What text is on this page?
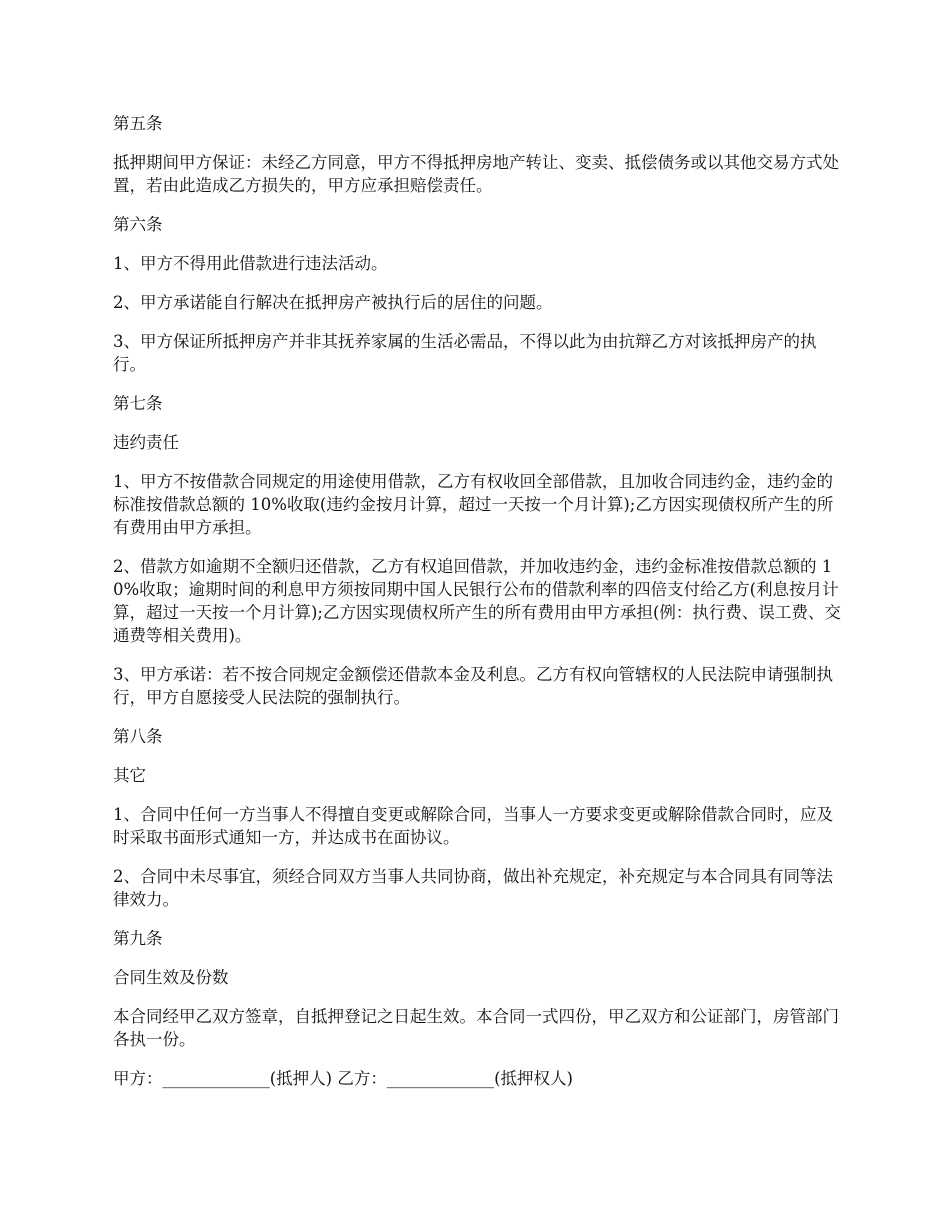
第五条

抵押期间甲方保证：未经乙方同意，甲方不得抵押房地产转让、变卖、抵偿债务或以其他交易方式处置，若由此造成乙方损失的，甲方应承担赔偿责任。

第六条

1、甲方不得用此借款进行违法活动。

2、甲方承诺能自行解决在抵押房产被执行后的居住的问题。

3、甲方保证所抵押房产并非其抚养家属的生活必需品，不得以此为由抗辩乙方对该抵押房产的执行。

第七条

违约责任

1、甲方不按借款合同规定的用途使用借款，乙方有权收回全部借款，且加收合同违约金，违约金的标准按借款总额的 10%收取(违约金按月计算，超过一天按一个月计算);乙方因实现债权所产生的所有费用由甲方承担。

2、借款方如逾期不全额归还借款，乙方有权追回借款，并加收违约金，违约金标准按借款总额的 10%收取；逾期时间的利息甲方须按同期中国人民银行公布的借款利率的四倍支付给乙方(利息按月计算，超过一天按一个月计算);乙方因实现债权所产生的所有费用由甲方承担(例：执行费、误工费、交通费等相关费用)。

3、甲方承诺：若不按合同规定金额偿还借款本金及利息。乙方有权向管辖权的人民法院申请强制执行，甲方自愿接受人民法院的强制执行。

第八条

其它

1、合同中任何一方当事人不得擅自变更或解除合同，当事人一方要求变更或解除借款合同时，应及时采取书面形式通知一方，并达成书在面协议。

2、合同中未尽事宜，须经合同双方当事人共同协商，做出补充规定，补充规定与本合同具有同等法律效力。

第九条

合同生效及份数

本合同经甲乙双方签章，自抵押登记之日起生效。本合同一式四份，甲乙双方和公证部门，房管部门各执一份。

甲方：_____________(抵押人) 乙方：_____________(抵押权人)
